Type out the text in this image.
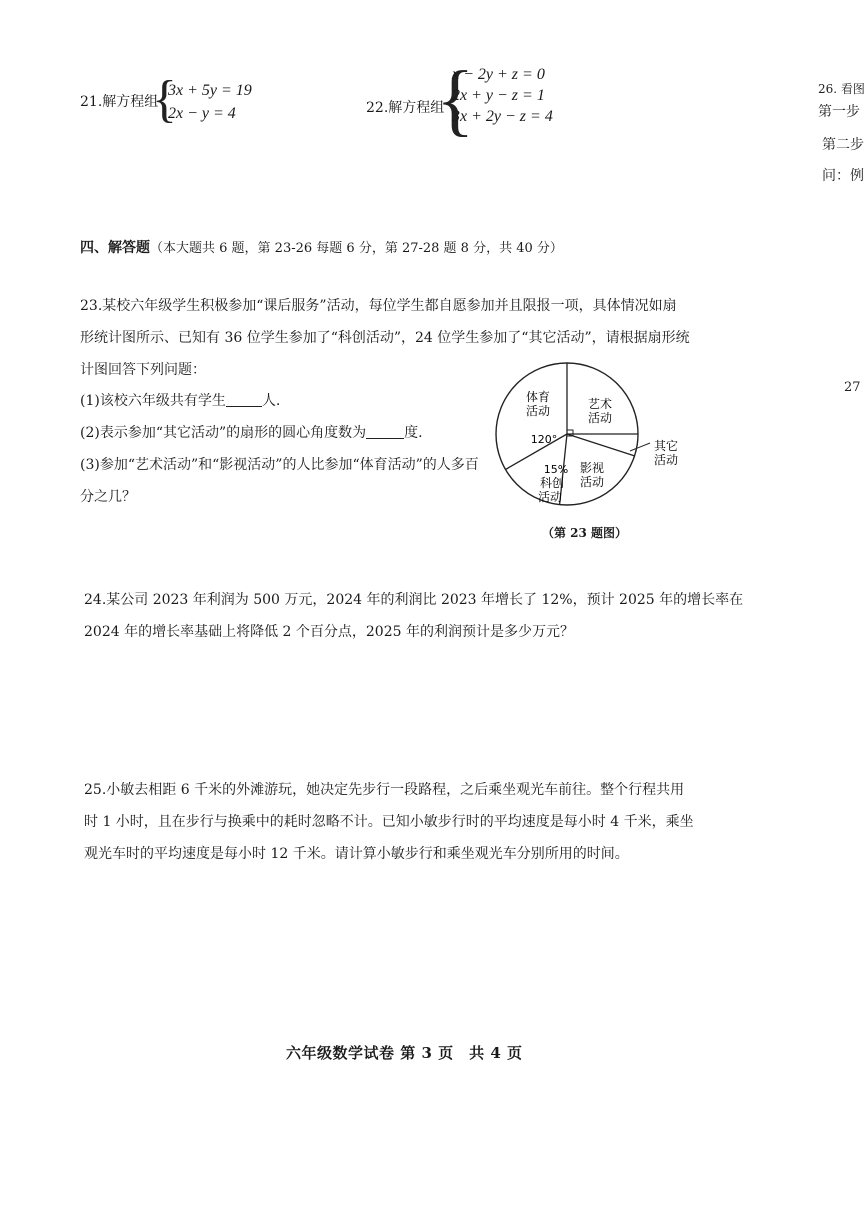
21.解方程组
{
3x + 5y = 19
2x − y = 4	22.解方程组
{
x − 2y + z = 0
2x + y − z = 1
3x + 2y − z = 4
26. 看图
第一步
第二步
问：例
27
四、解答题（本大题共 6 题，第 23-26 每题 6 分，第 27-28 题 8 分，共 40 分）
23.某校六年级学生积极参加“课后服务”活动，每位学生都自愿参加并且限报一项，具体情况如扇
形统计图所示、已知有 36 位学生参加了“科创活动”，24 位学生参加了“其它活动”，请根据扇形统
计图回答下列问题：
(1)该校六年级共有学生	人.
(2)表示参加“其它活动”的扇形的圆心角度数为	度.
(3)参加“艺术活动”和“影视活动”的人比参加“体育活动”的人多百
分之几？
体育
活动	艺术
活动
其它
活动
影视
活动
15%
科创
活动
120°
（第 23 题图）
24.某公司 2023 年利润为 500 万元，2024 年的利润比 2023 年增长了 12%，预计 2025 年的增长率在
2024 年的增长率基础上将降低 2 个百分点，2025 年的利润预计是多少万元？
25.小敏去相距 6 千米的外滩游玩，她决定先步行一段路程，之后乘坐观光车前往。整个行程共用
时 1 小时，且在步行与换乘中的耗时忽略不计。已知小敏步行时的平均速度是每小时 4 千米，乘坐
观光车时的平均速度是每小时 12 千米。请计算小敏步行和乘坐观光车分别所用的时间。
六年级数学试卷 第 3 页　共 4 页
